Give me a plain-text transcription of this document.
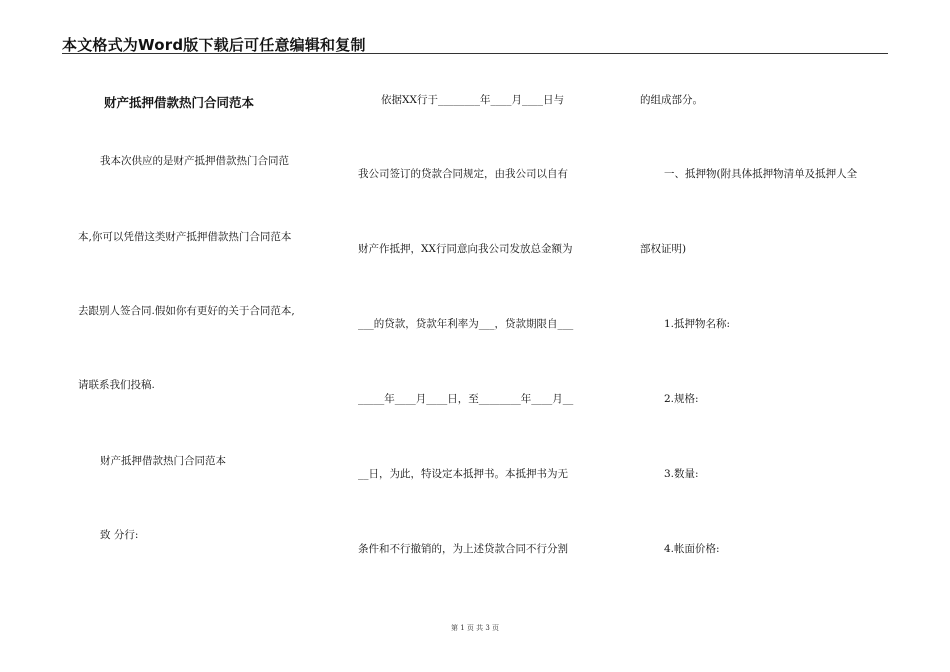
本文格式为Word版下载后可任意编辑和复制
财产抵押借款热门合同范本
我本次供应的是财产抵押借款热门合同范
本,你可以凭借这类财产抵押借款热门合同范本
去跟别人签合同.假如你有更好的关于合同范本,
请联系我们投稿.
财产抵押借款热门合同范本
致 分行:
依据XX行于________年____月____日与
我公司签订的贷款合同规定，由我公司以自有
财产作抵押，XX行同意向我公司发放总金额为
___的贷款，贷款年利率为___，贷款期限自___
_____年____月____日，至________年____月__
__日，为此，特设定本抵押书。本抵押书为无
条件和不行撤销的，为上述贷款合同不行分割
的组成部分。
一、抵押物(附具体抵押物清单及抵押人全
部权证明)
1.抵押物名称:
2.规格:
3.数量:
4.帐面价格:
第 1 页 共 3 页
